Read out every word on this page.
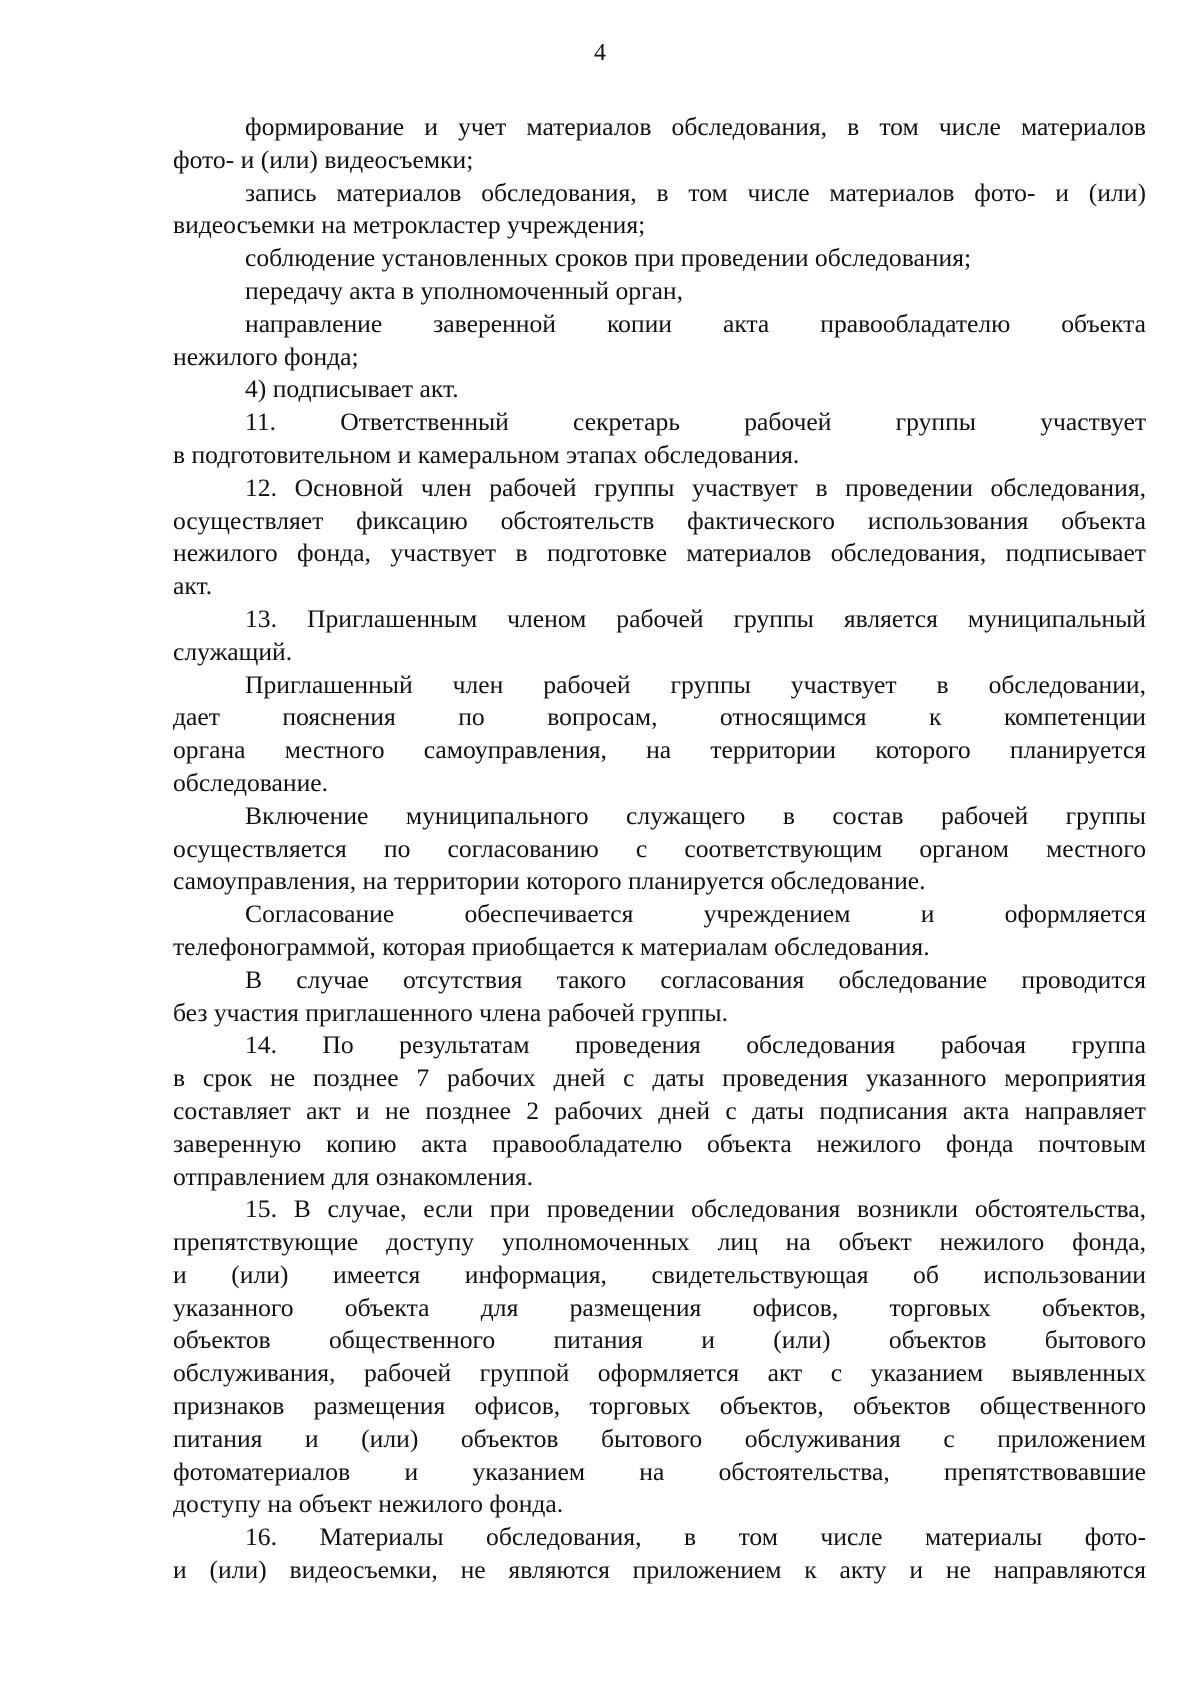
4
формирование и учет материалов обследования, в том числе материалов
фото- и (или) видеосъемки;
запись материалов обследования, в том числе материалов фото- и (или)
видеосъемки на метрокластер учреждения;
соблюдение установленных сроков при проведении обследования;
передачу акта в уполномоченный орган,
направление заверенной копии акта правообладателю объекта
нежилого фонда;
4) подписывает акт.
11. Ответственный секретарь рабочей группы участвует
в подготовительном и камеральном этапах обследования.
12. Основной член рабочей группы участвует в проведении обследования,
осуществляет фиксацию обстоятельств фактического использования объекта
нежилого фонда, участвует в подготовке материалов обследования, подписывает
акт.
13. Приглашенным членом рабочей группы является муниципальный
служащий.
Приглашенный член рабочей группы участвует в обследовании,
дает пояснения по вопросам, относящимся к компетенции
органа местного самоуправления, на территории которого планируется
обследование.
Включение муниципального служащего в состав рабочей группы
осуществляется по согласованию с соответствующим органом местного
самоуправления, на территории которого планируется обследование.
Согласование обеспечивается учреждением и оформляется
телефонограммой, которая приобщается к материалам обследования.
В случае отсутствия такого согласования обследование проводится
без участия приглашенного члена рабочей группы.
14. По результатам проведения обследования рабочая группа
в срок не позднее 7 рабочих дней с даты проведения указанного мероприятия
составляет акт и не позднее 2 рабочих дней с даты подписания акта направляет
заверенную копию акта правообладателю объекта нежилого фонда почтовым
отправлением для ознакомления.
15. В случае, если при проведении обследования возникли обстоятельства,
препятствующие доступу уполномоченных лиц на объект нежилого фонда,
и (или) имеется информация, свидетельствующая об использовании
указанного объекта для размещения офисов, торговых объектов,
объектов общественного питания и (или) объектов бытового
обслуживания, рабочей группой оформляется акт с указанием выявленных
признаков размещения офисов, торговых объектов, объектов общественного
питания и (или) объектов бытового обслуживания с приложением
фотоматериалов и указанием на обстоятельства, препятствовавшие
доступу на объект нежилого фонда.
16. Материалы обследования, в том числе материалы фото-
и (или) видеосъемки, не являются приложением к акту и не направляются
